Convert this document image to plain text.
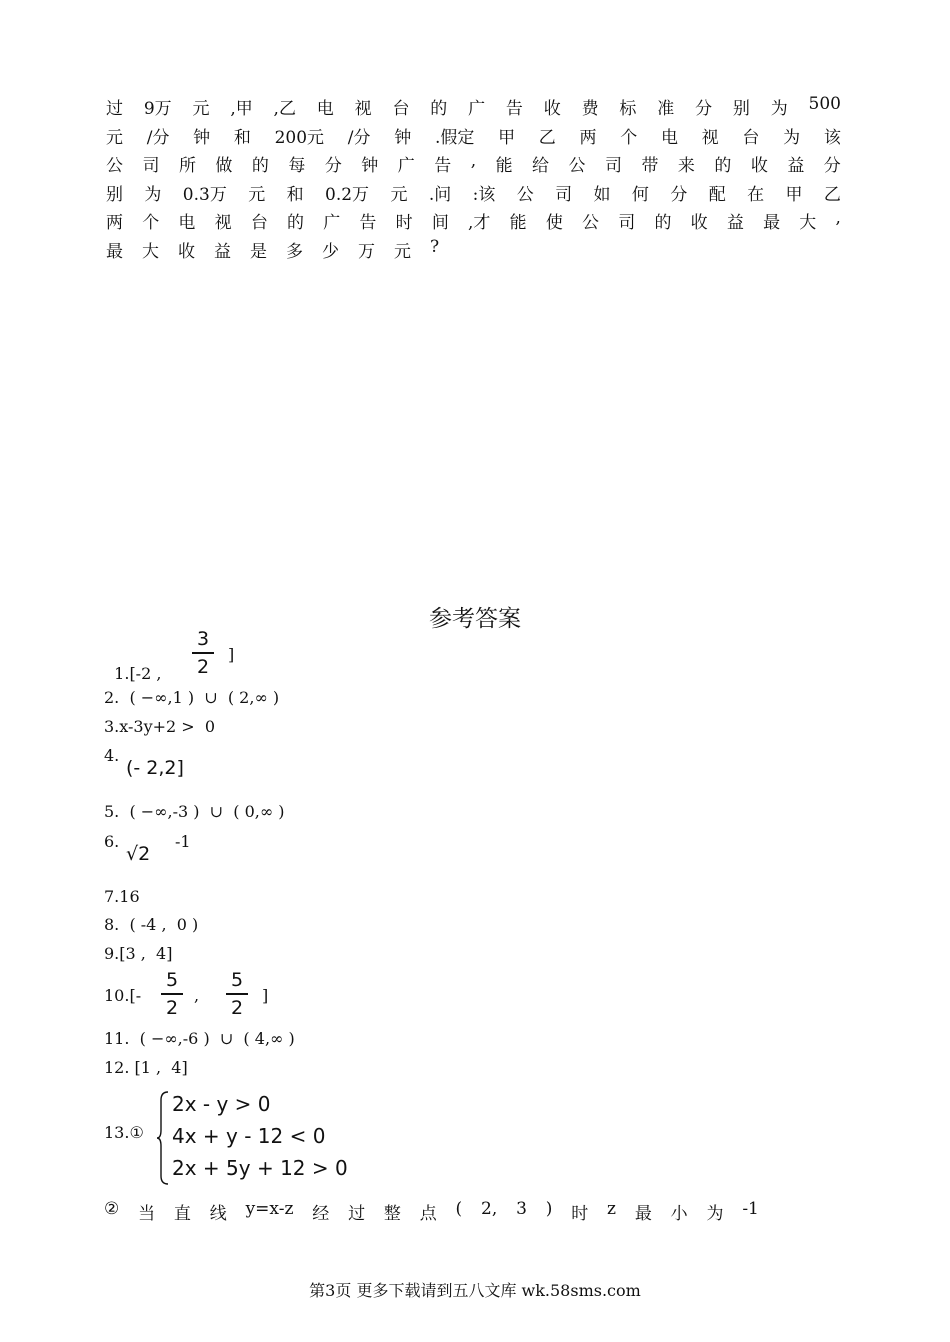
过 9万 元 ,甲 ,乙 电 视 台 的 广 告 收 费 标 准 分 别 为 500
元 /分 钟 和 200元 /分 钟 .假定 甲 乙 两 个 电 视 台 为 该
公 司 所 做 的 每 分 钟 广 告 , 能 给 公 司 带 来 的 收 益 分
别 为 0.3万 元 和 0.2万 元 .问 :该 公 司 如 何 分 配 在 甲 乙
两 个 电 视 台 的 广 告 时 间 ,才 能 使 公 司 的 收 益 最 大 ,
最 大 收 益 是 多 少 万 元 ?
参考答案

1.[-2 ,

3
2
]
2.  ( −∞,1 )  ∪  ( 2,∞ )
3.x-3y+2 >  0
4.
(- 2,2]
5.  ( −∞,-3 )  ∪  ( 0,∞ )
6.
√2
-1
7.16
8.  ( -4 ,  0 )
9.[3 ,  4]
10.[-
5
2
,
5
2
]
11.  ( −∞,-6 )  ∪  ( 4,∞ )
12. [1 ,  4]
13.①
2x - y > 0
4x + y - 12 < 0
2x + 5y + 12 > 0
② 当 直 线 y=x-z 经 过 整 点 ( 2, 3 ) 时 z 最 小 为 -1
第3页 更多下载请到五八文库 wk.58sms.com
